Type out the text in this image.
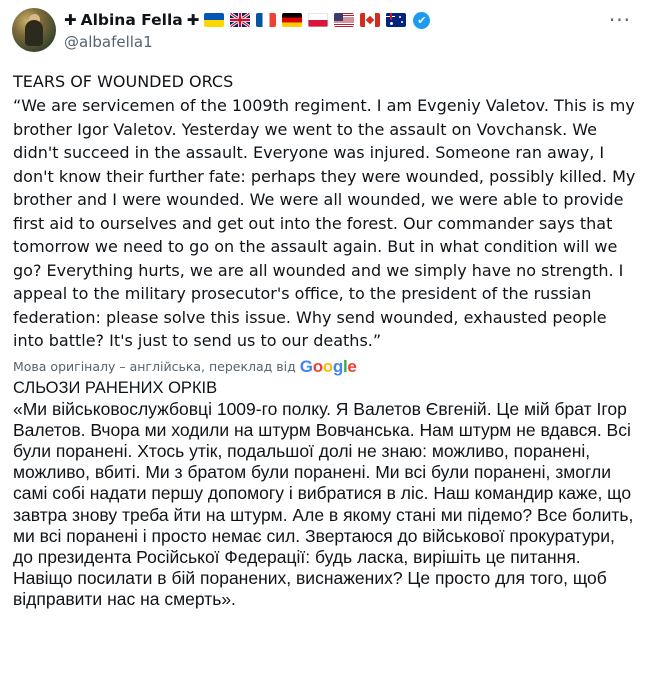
✚ Albina Fella ✚	✔
@albafella1
···

TEARS OF WOUNDED ORCS

“We are servicemen of the 1009th regiment. I am Evgeniy Valetov. This is my brother Igor Valetov. Yesterday we went to the assault on Vovchansk. We didn't succeed in the assault. Everyone was injured. Someone ran away, I don't know their further fate: perhaps they were wounded, possibly killed. My brother and I were wounded. We were all wounded, we were able to provide first aid to ourselves and get out into the forest. Our commander says that tomorrow we need to go on the assault again. But in what condition will we go? Everything hurts, we are all wounded and we simply have no strength. I appeal to the military prosecutor's office, to the president of the russian federation: please solve this issue. Why send wounded, exhausted people into battle? It's just to send us to our deaths.”

Мова оригіналу – англійська, переклад від Google

СЛЬОЗИ РАНЕНИХ ОРКІВ

«Ми військовослужбовці 1009-го полку. Я Валетов Євгеній. Це мій брат Ігор Валетов. Вчора ми ходили на штурм Вовчанська. Нам штурм не вдався. Всі були поранені. Хтось утік, подальшої долі не знаю: можливо, поранені, можливо, вбиті. Ми з братом були поранені. Ми всі були поранені, змогли самі собі надати першу допомогу і вибратися в ліс. Наш командир каже, що завтра знову треба йти на штурм. Але в якому стані ми підемо? Все болить, ми всі поранені і просто немає сил. Звертаюся до військової прокуратури, до президента Російської Федерації: будь ласка, вирішіть це питання. Навіщо посилати в бій поранених, виснажених? Це просто для того, щоб відправити нас на смерть».
